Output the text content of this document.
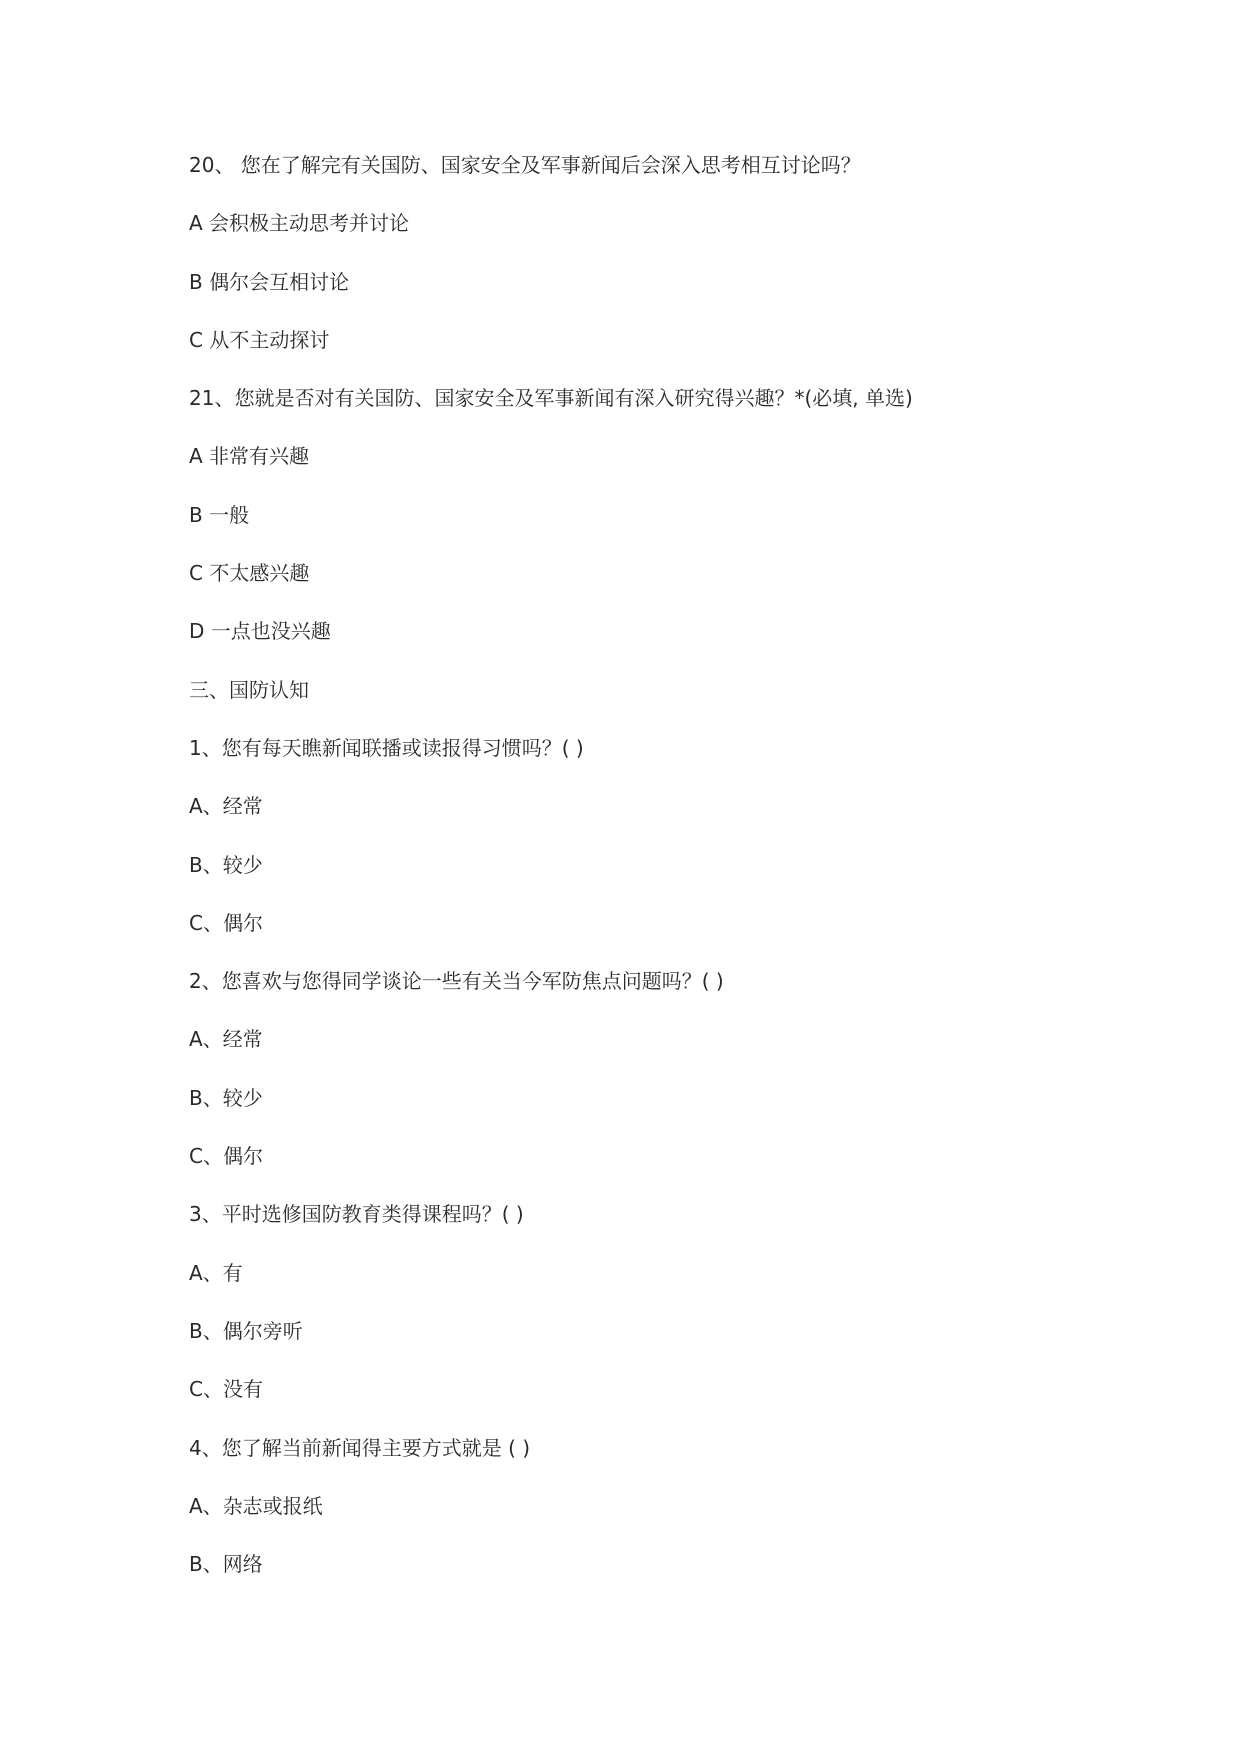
20、 您在了解完有关国防、国家安全及军事新闻后会深入思考相互讨论吗？
A 会积极主动思考并讨论
B 偶尔会互相讨论
C 从不主动探讨
21、您就是否对有关国防、国家安全及军事新闻有深入研究得兴趣？*(必填, 单选)
A 非常有兴趣
B 一般
C 不太感兴趣
D 一点也没兴趣
三、国防认知
1、您有每天瞧新闻联播或读报得习惯吗？( )
A、经常
B、较少
C、偶尔
2、您喜欢与您得同学谈论一些有关当今军防焦点问题吗？( )
A、经常
B、较少
C、偶尔
3、平时选修国防教育类得课程吗？( )
A、有
B、偶尔旁听
C、没有
4、您了解当前新闻得主要方式就是 ( )
A、杂志或报纸
B、网络
